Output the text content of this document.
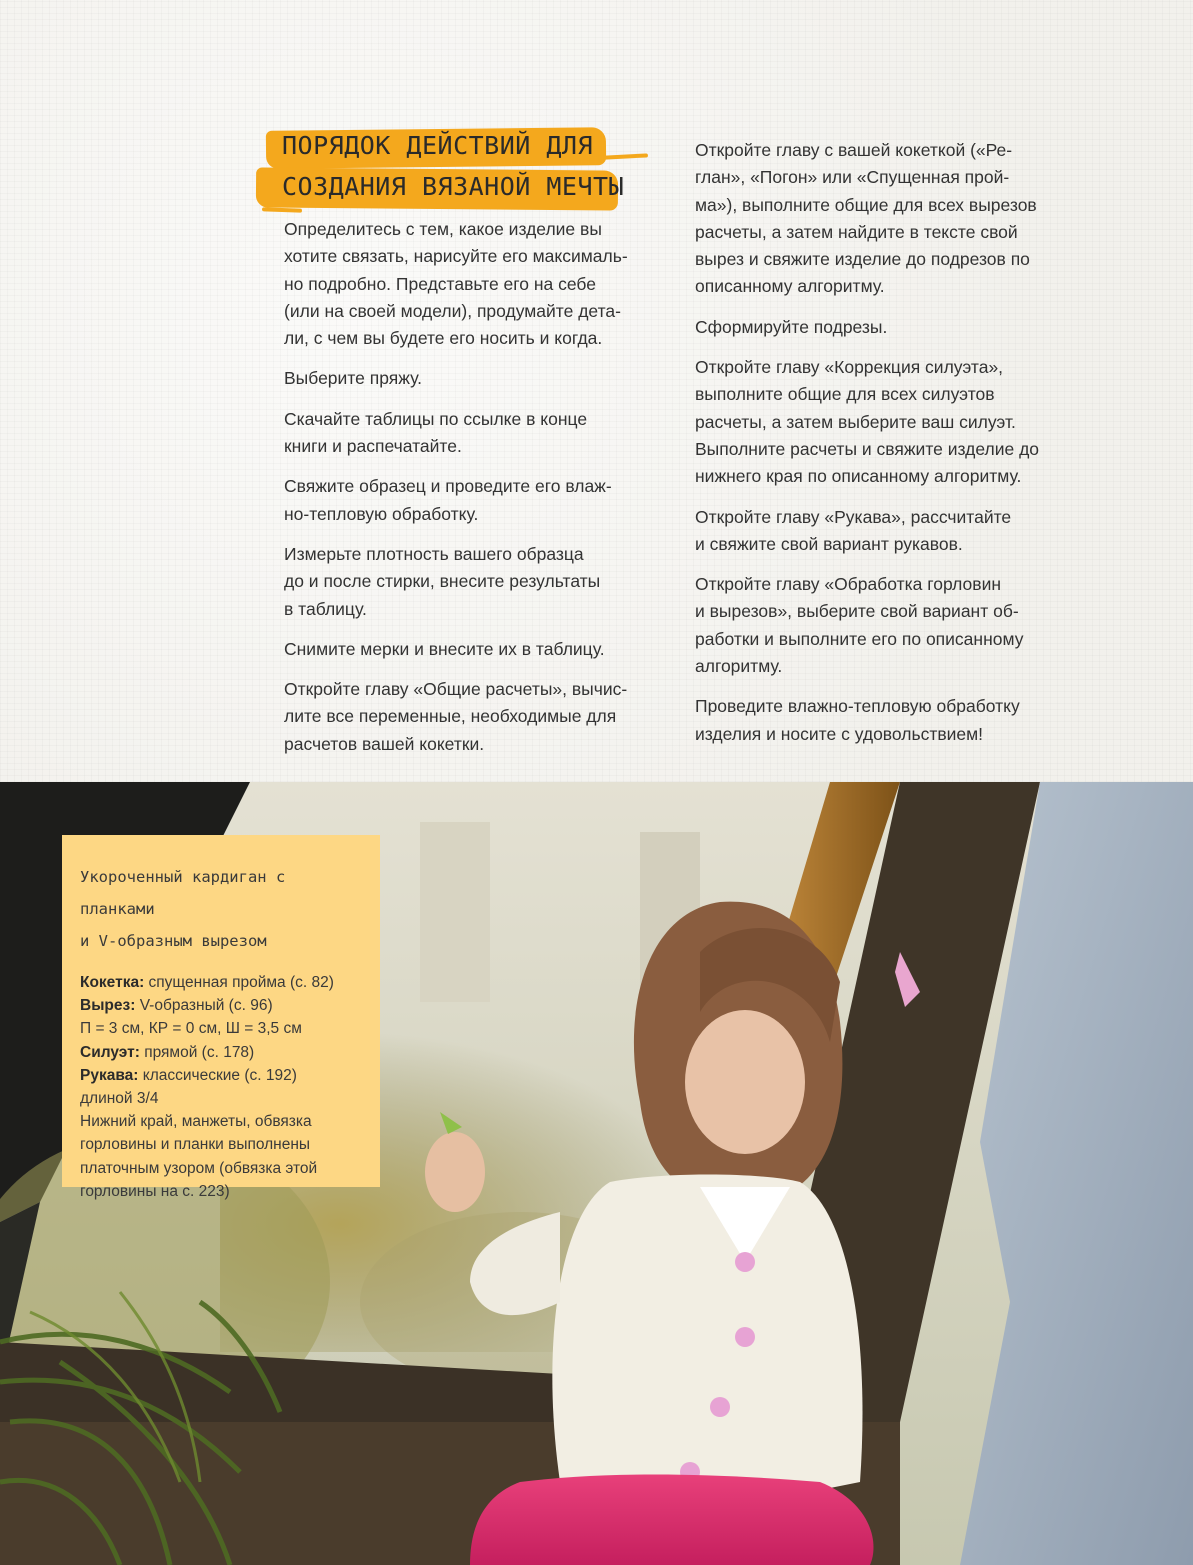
ПОРЯДОК ДЕЙСТВИЙ ДЛЯ
СОЗДАНИЯ ВЯЗАНОЙ МЕЧТЫ

Определитесь с тем, какое изделие вы
хотите связать, нарисуйте его максималь-
но подробно. Представьте его на себе
(или на своей модели), продумайте дета-
ли, с чем вы будете его носить и когда.

Выберите пряжу.

Скачайте таблицы по ссылке в конце
книги и распечатайте.

Свяжите образец и проведите его влаж-
но-тепловую обработку.

Измерьте плотность вашего образца
до и после стирки, внесите результаты
в таблицу.

Снимите мерки и внесите их в таблицу.

Откройте главу «Общие расчеты», вычис-
лите все переменные, необходимые для
расчетов вашей кокетки.

Откройте главу с вашей кокеткой («Ре-
глан», «Погон» или «Спущенная прой-
ма»), выполните общие для всех вырезов
расчеты, а затем найдите в тексте свой
вырез и свяжите изделие до подрезов по
описанному алгоритму.

Сформируйте подрезы.

Откройте главу «Коррекция силуэта»,
выполните общие для всех силуэтов
расчеты, а затем выберите ваш силуэт.
Выполните расчеты и свяжите изделие до
нижнего края по описанному алгоритму.

Откройте главу «Рукава», рассчитайте
и свяжите свой вариант рукавов.

Откройте главу «Обработка горловин
и вырезов», выберите свой вариант об-
работки и выполните его по описанному
алгоритму.

Проведите влажно-тепловую обработку
изделия и носите с удовольствием!

Укороченный кардиган с планками
и V-образным вырезом

Кокетка: спущенная пройма (с. 82)

Вырез: V-образный (с. 96)

П = 3 см, КР = 0 см, Ш = 3,5 см

Силуэт: прямой (с. 178)

Рукава: классические (с. 192)

длиной 3/4

Нижний край, манжеты, обвязка
горловины и планки выполнены
платочным узором (обвязка этой
горловины на с. 223)
